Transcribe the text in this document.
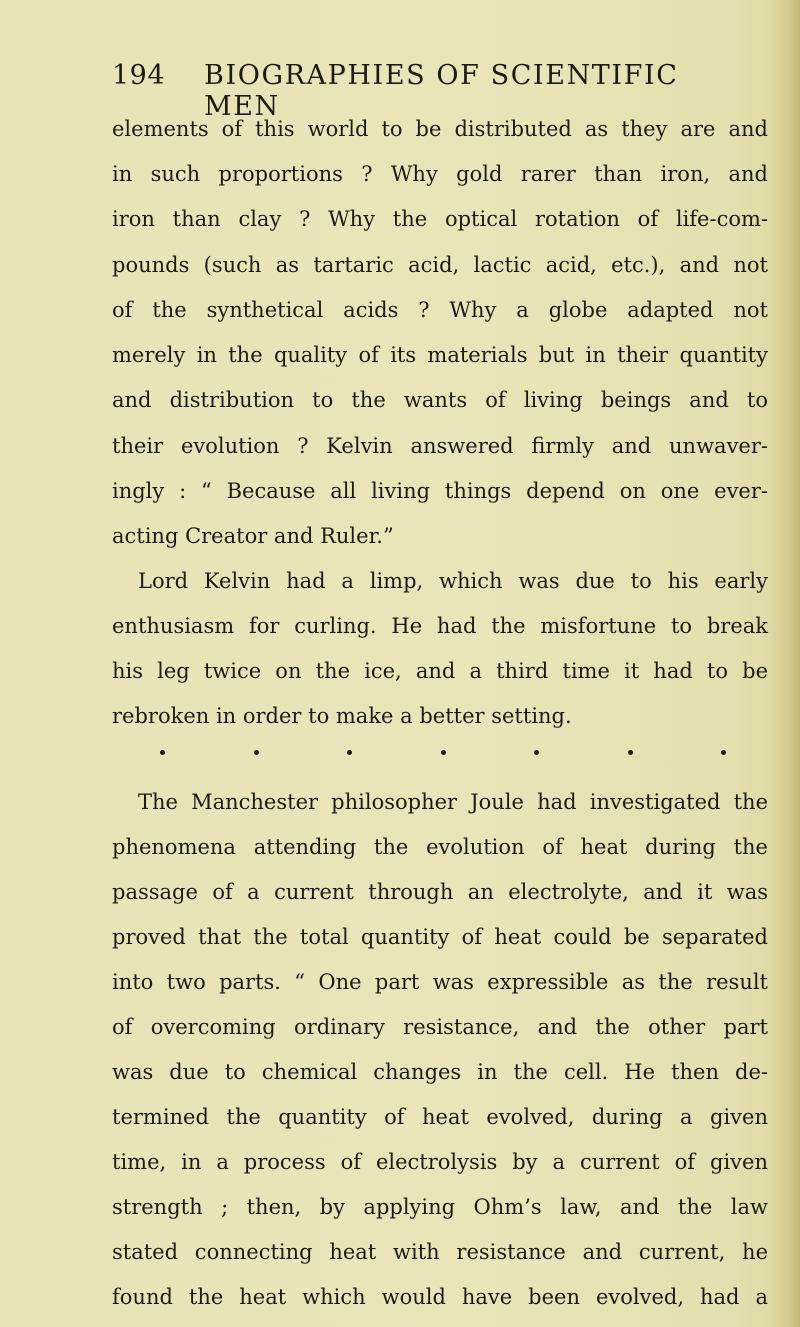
194 BIOGRAPHIES OF SCIENTIFIC MEN
elements of this world to be distributed as they are and
in such proportions ? Why gold rarer than iron, and
iron than clay ? Why the optical rotation of life-com-
pounds (such as tartaric acid, lactic acid, etc.), and not
of the synthetical acids ? Why a globe adapted not
merely in the quality of its materials but in their quantity
and distribution to the wants of living beings and to
their evolution ? Kelvin answered firmly and unwaver-
ingly : “ Because all living things depend on one ever-
acting Creator and Ruler.”
Lord Kelvin had a limp, which was due to his early
enthusiasm for curling. He had the misfortune to break
his leg twice on the ice, and a third time it had to be
rebroken in order to make a better setting.
The Manchester philosopher Joule had investigated the
phenomena attending the evolution of heat during the
passage of a current through an electrolyte, and it was
proved that the total quantity of heat could be separated
into two parts. “ One part was expressible as the result
of overcoming ordinary resistance, and the other part
was due to chemical changes in the cell. He then de-
termined the quantity of heat evolved, during a given
time, in a process of electrolysis by a current of given
strength ; then, by applying Ohm’s law, and the law
stated connecting heat with resistance and current, he
found the heat which would have been evolved, had a
